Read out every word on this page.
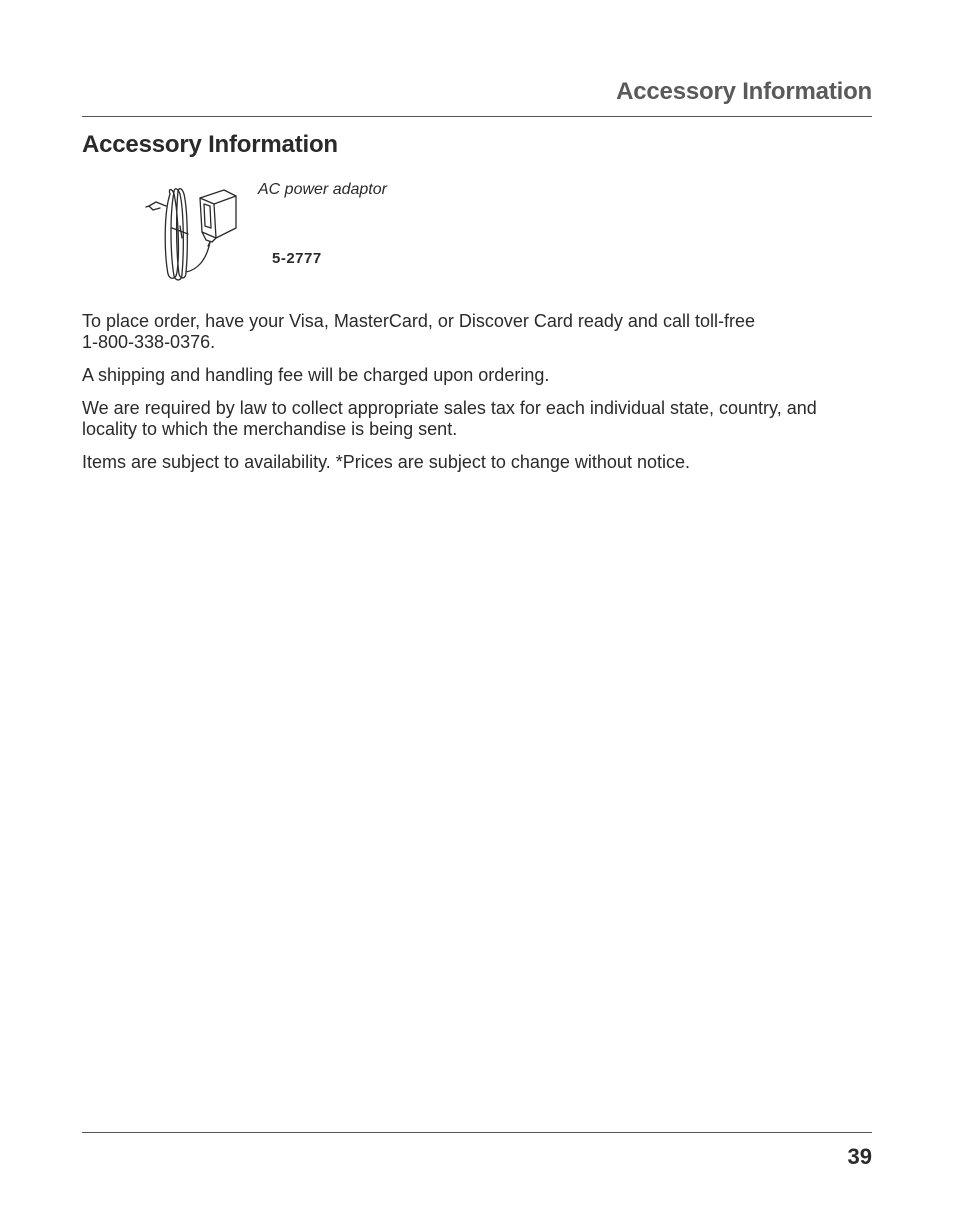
Accessory Information
Accessory Information
AC power adaptor
5-2777

To place order, have your Visa, MasterCard, or Discover Card ready and call toll-free
1-800-338-0376.

A shipping and handling fee will be charged upon ordering.

We are required by law to collect appropriate sales tax for each individual state, country, and locality to which the merchandise is being sent.

Items are subject to availability. *Prices are subject to change without notice.

39
